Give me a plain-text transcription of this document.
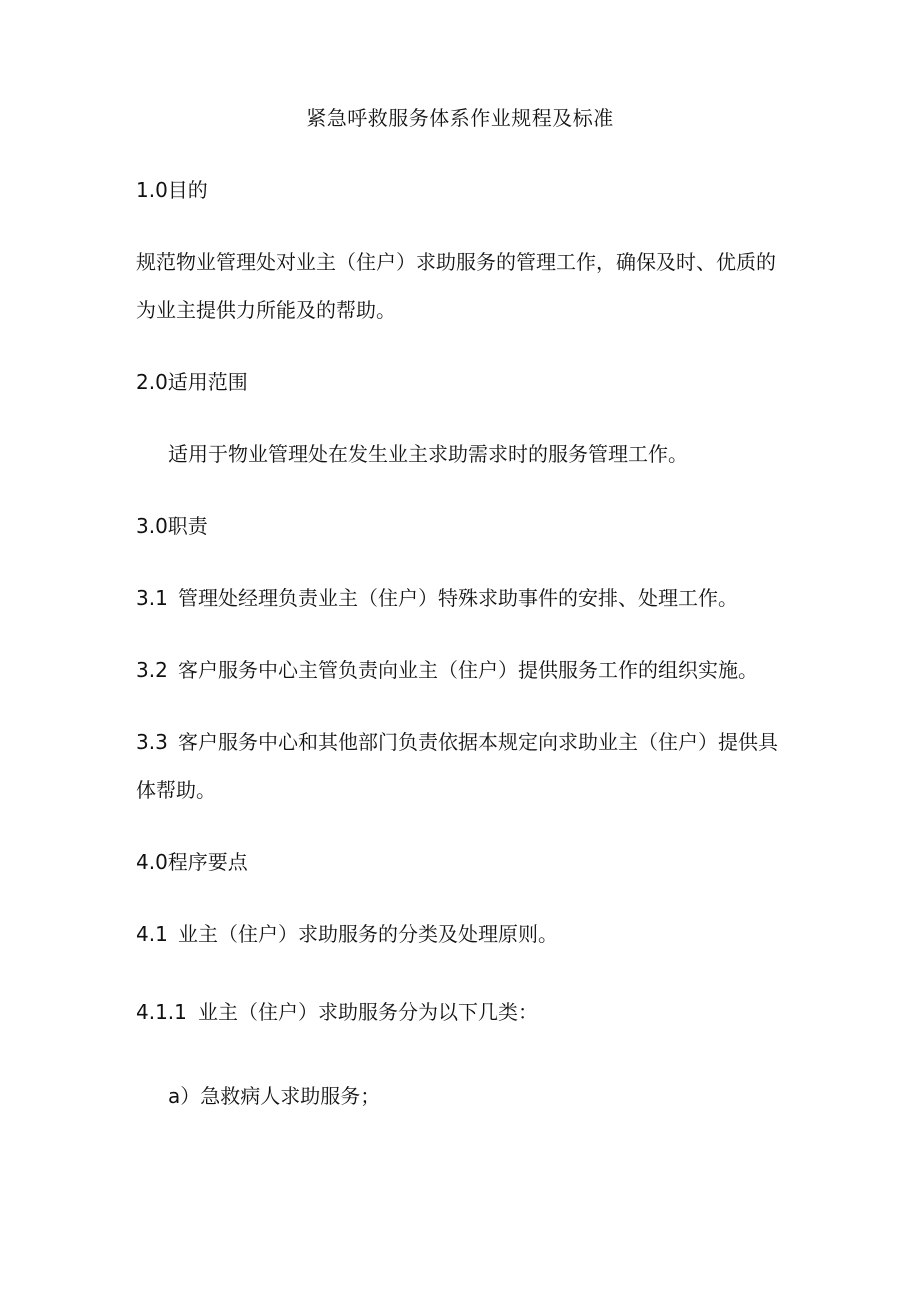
紧急呼救服务体系作业规程及标准
1.0目的
规范物业管理处对业主（住户）求助服务的管理工作，确保及时、优质的
为业主提供力所能及的帮助。
2.0适用范围
适用于物业管理处在发生业主求助需求时的服务管理工作。
3.0职责
3.1 管理处经理负责业主（住户）特殊求助事件的安排、处理工作。
3.2 客户服务中心主管负责向业主（住户）提供服务工作的组织实施。
3.3 客户服务中心和其他部门负责依据本规定向求助业主（住户）提供具
体帮助。
4.0程序要点
4.1 业主（住户）求助服务的分类及处理原则。
4.1.1 业主（住户）求助服务分为以下几类：
a）急救病人求助服务；
